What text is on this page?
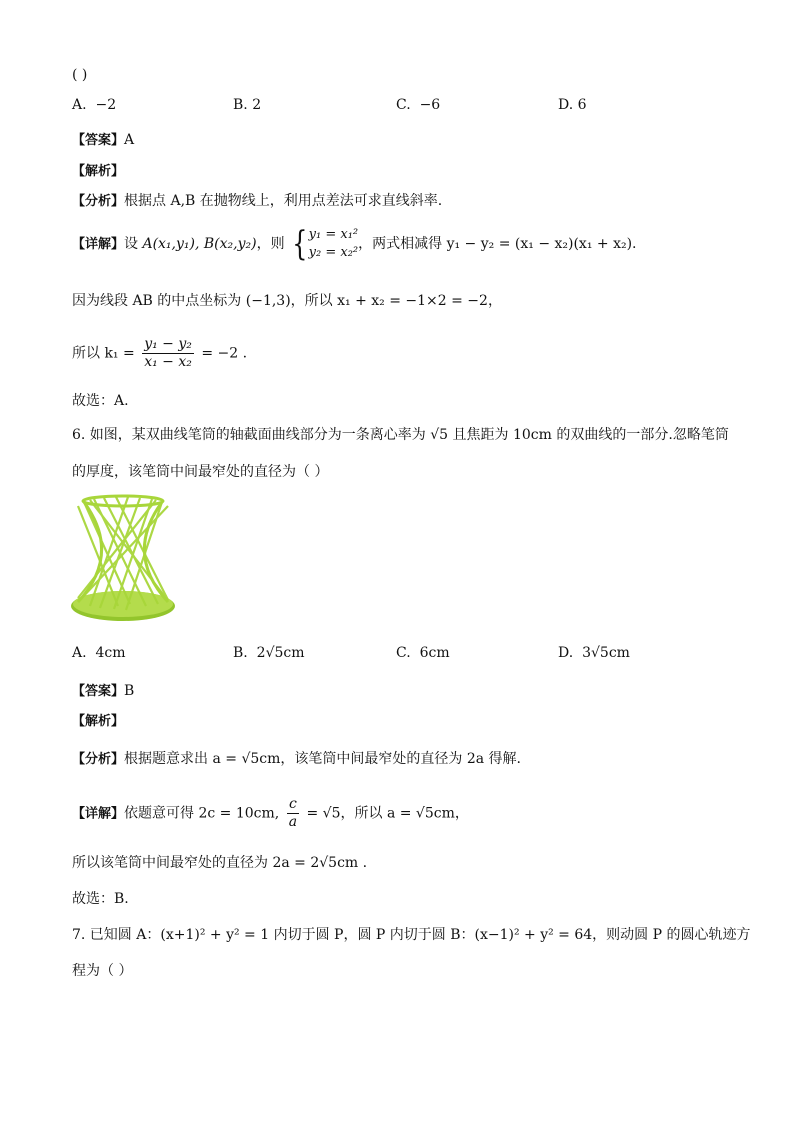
( )
A. −2	B. 2	C. −6	D. 6
【答案】A
【解析】
【分析】根据点 A,B 在抛物线上，利用点差法可求直线斜率.
【详解】设 A(x₁,y₁), B(x₂,y₂)，则 { y₁ = x₁²
y₂ = x₂²
，两式相减得 y₁ − y₂ = (x₁ − x₂)(x₁ + x₂).
因为线段 AB 的中点坐标为 (−1,3)，所以 x₁ + x₂ = −1×2 = −2，
所以 $k_1 = \frac{\text{y₁ − y₂}}{\text{x₁ − x₂}} = -2$ .
故选：A.
6. 如图，某双曲线笔筒的轴截面曲线部分为一条离心率为 √5 且焦距为 10cm 的双曲线的一部分.忽略笔筒
的厚度，该笔筒中间最窄处的直径为（ ）
A. 4cm	B. 2√5cm	C. 6cm	D. 3√5cm
【答案】B
【解析】
【分析】根据题意求出 a = √5cm，该笔筒中间最窄处的直径为 2a 得解.
【详解】依题意可得 2c = 10cm, $\frac{c}{a} = √5$，所以 a = √5cm，
所以该笔筒中间最窄处的直径为 2a = 2√5cm .
故选：B.
7. 已知圆 A：(x+1)² + y² = 1 内切于圆 P，圆 P 内切于圆 B：(x−1)² + y² = 64，则动圆 P 的圆心轨迹方
程为（ ）
